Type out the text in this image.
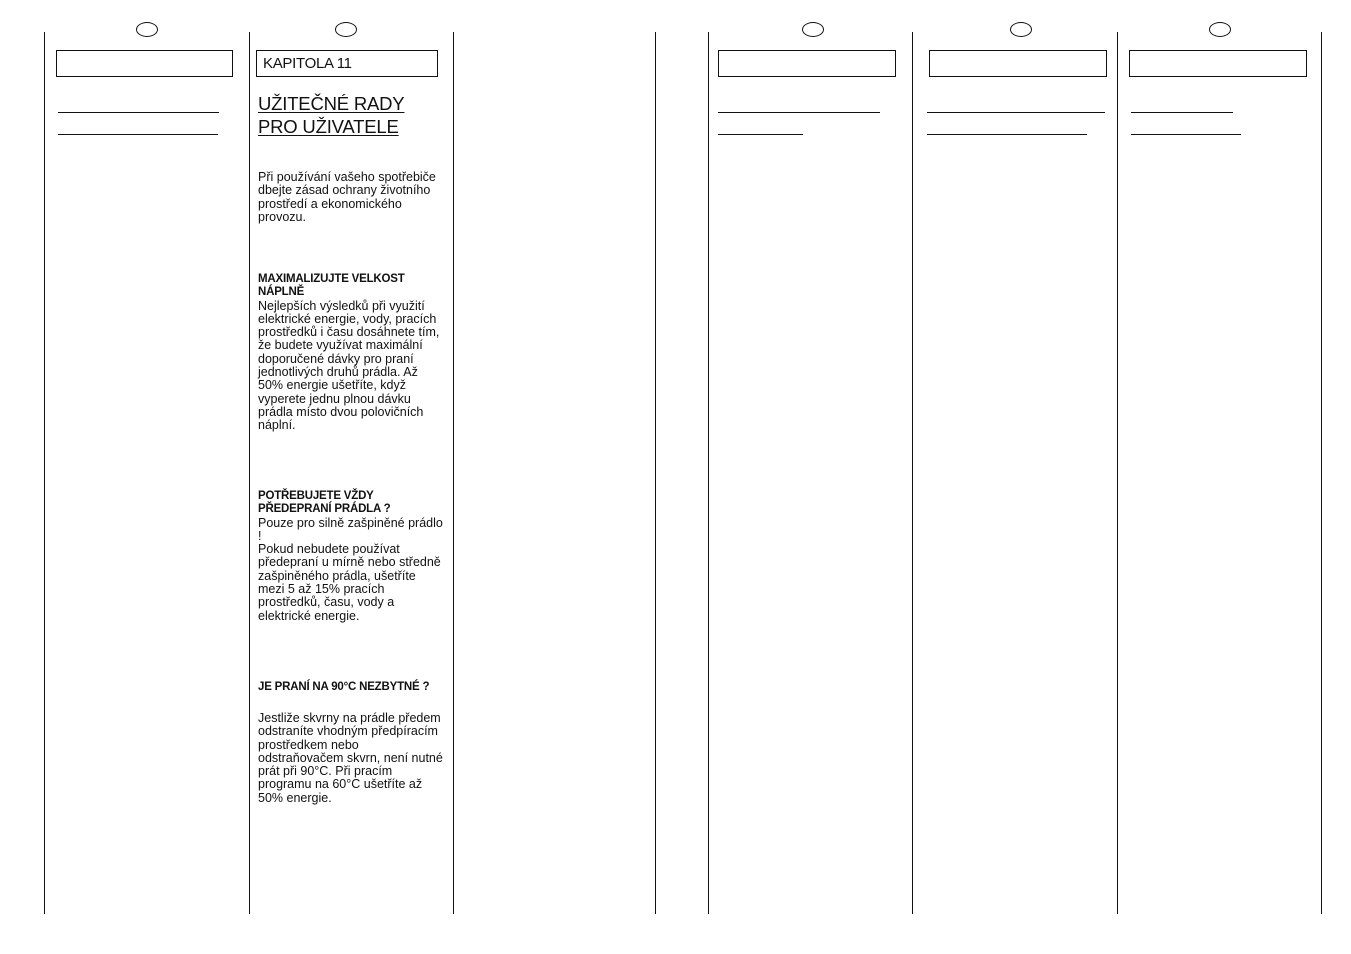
KAPITOLA 11
UŽITEČNÉ RADY
PRO UŽIVATELE

Při používání vašeho spotřebiče dbejte zásad ochrany životního prostředí a ekonomického provozu.

MAXIMALIZUJTE VELKOST NÁPLNĚ

Nejlepších výsledků při využití elektrické energie, vody, pracích prostředků i času dosáhnete tím, že budete využívat maximální doporučené dávky pro praní jednotlivých druhů prádla. Až 50% energie ušetříte, když vyperete jednu plnou dávku prádla místo dvou polovičních náplní.

POTŘEBUJETE VŽDY PŘEDEPRANÍ PRÁDLA ?

Pouze pro silně zašpiněné prádlo !

Pokud nebudete používat předepraní u mírně nebo středně zašpiněného prádla, ušetříte mezi 5 až 15% pracích prostředků, času, vody a elektrické energie.

JE PRANÍ NA 90°C NEZBYTNÉ ?

Jestliže skvrny na prádle předem odstraníte vhodným předpíracím prostředkem nebo odstraňovačem skvrn, není nutné prát při 90°C. Při pracím programu na 60°C ušetříte až 50% energie.
